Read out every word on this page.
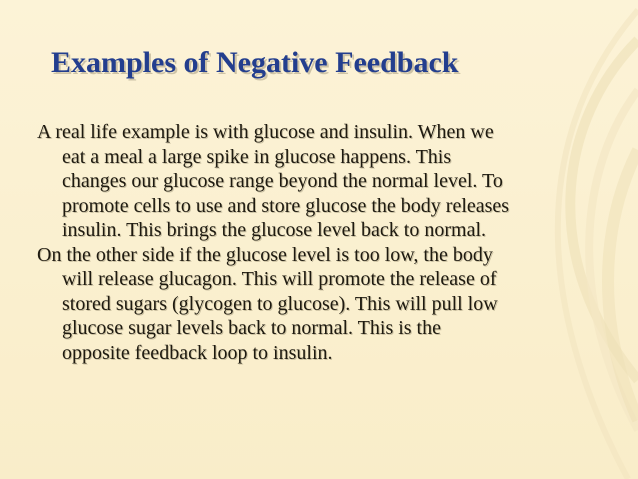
Examples of Negative Feedback

A real life example is with glucose and insulin. When we
eat a meal a large spike in glucose happens. This
changes our glucose range beyond the normal level. To
promote cells to use and store glucose the body releases
insulin. This brings the glucose level back to normal.

On the other side if the glucose level is too low, the body
will release glucagon. This will promote the release of
stored sugars (glycogen to glucose). This will pull low
glucose sugar levels back to normal. This is the
opposite feedback loop to insulin.
